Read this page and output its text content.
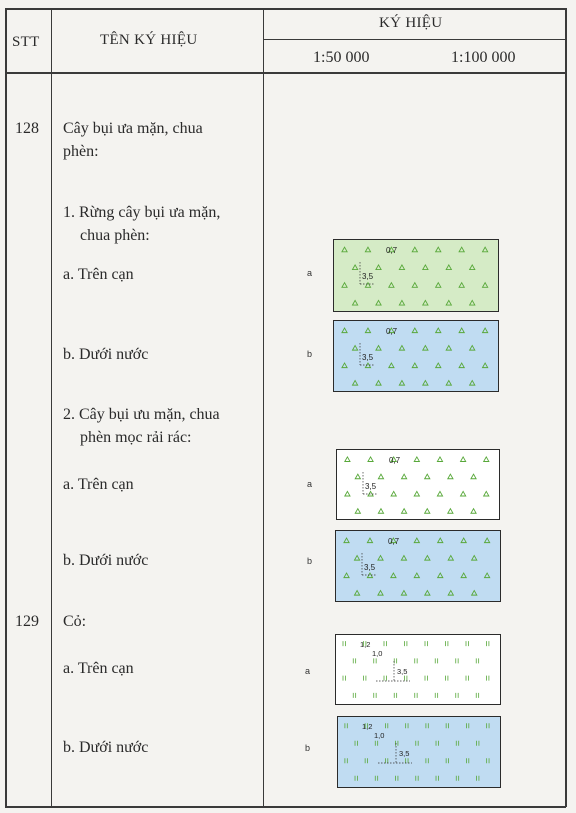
STT	TÊN KÝ HIỆU
KÝ HIỆU
1:50 000	1:100 000
128 Cây bụi ưa mặn, chua
phèn:
1. Rừng cây bụi ưa mặn,
chua phèn:
a. Trên cạn
b. Dưới nước
2. Cây bụi ưu mặn, chua
phèn mọc rải rác:
a. Trên cạn
b. Dưới nước
129 Cỏ:
a. Trên cạn
b. Dưới nước
a
0,7
3,5
b
0,7
3,5
a
0,7
3,5
b
0,7
3,5
a
1,2
1,0
3,5
b
1,2
1,0
3,5
